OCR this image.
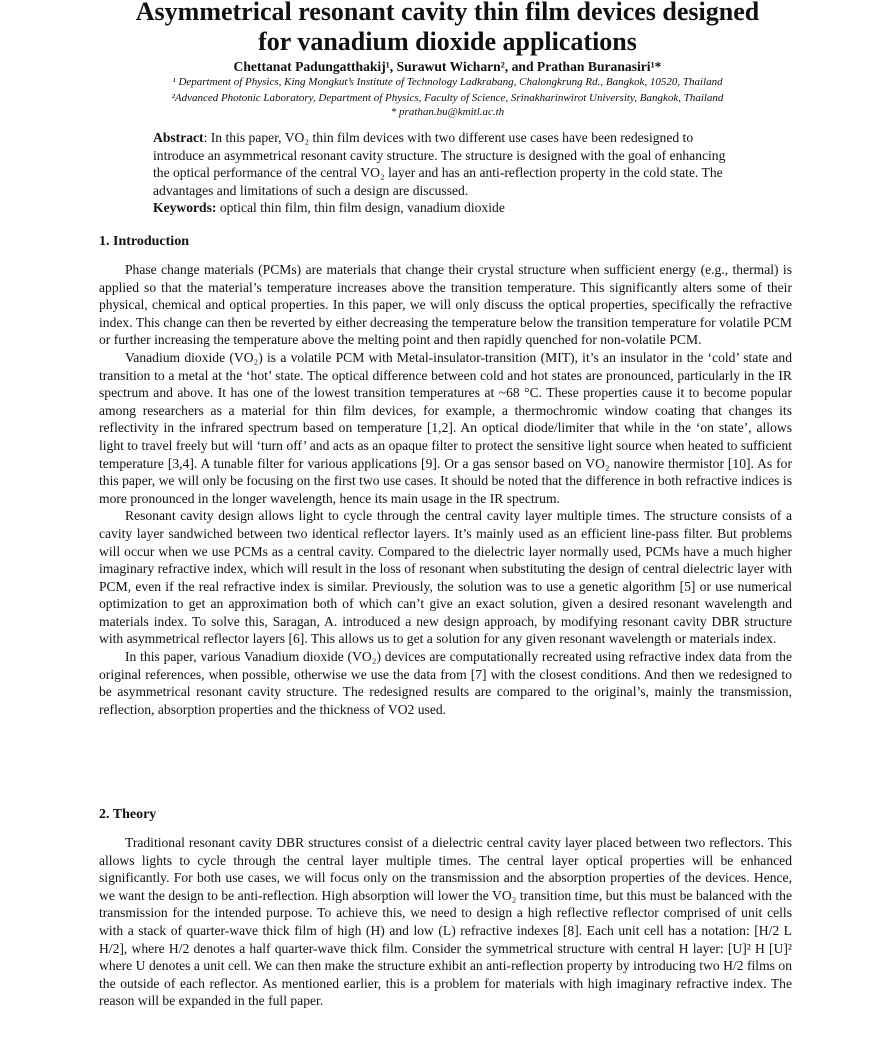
Asymmetrical resonant cavity thin film devices designed
for vanadium dioxide applications

Chettanat Padungatthakij¹, Surawut Wicharn², and Prathan Buranasiri¹*

¹ Department of Physics, King Mongkut’s Institute of Technology Ladkrabang, Chalongkrung Rd., Bangkok, 10520, Thailand

²Advanced Photonic Laboratory, Department of Physics, Faculty of Science, Srinakharinwirot University, Bangkok, Thailand

* prathan.bu@kmitl.ac.th

Abstract: In this paper, VO₂ thin film devices with two different use cases have been redesigned to introduce an asymmetrical resonant cavity structure. The structure is designed with the goal of enhancing the optical performance of the central VO₂ layer and has an anti-reflection property in the cold state. The advantages and limitations of such a design are discussed.
Keywords: optical thin film, thin film design, vanadium dioxide
1. Introduction

Phase change materials (PCMs) are materials that change their crystal structure when sufficient energy (e.g., thermal) is applied so that the material’s temperature increases above the transition temperature. This significantly alters some of their physical, chemical and optical properties. In this paper, we will only discuss the optical properties, specifically the refractive index. This change can then be reverted by either decreasing the temperature below the transition temperature for volatile PCM or further increasing the temperature above the melting point and then rapidly quenched for non-volatile PCM.

Vanadium dioxide (VO₂) is a volatile PCM with Metal-insulator-transition (MIT), it’s an insulator in the ‘cold’ state and transition to a metal at the ‘hot’ state. The optical difference between cold and hot states are pronounced, particularly in the IR spectrum and above. It has one of the lowest transition temperatures at ~68 °C. These properties cause it to become popular among researchers as a material for thin film devices, for example, a thermochromic window coating that changes its reflectivity in the infrared spectrum based on temperature [1,2]. An optical diode/limiter that while in the ‘on state’, allows light to travel freely but will ‘turn off’ and acts as an opaque filter to protect the sensitive light source when heated to sufficient temperature [3,4]. A tunable filter for various applications [9]. Or a gas sensor based on VO₂ nanowire thermistor [10]. As for this paper, we will only be focusing on the first two use cases. It should be noted that the difference in both refractive indices is more pronounced in the longer wavelength, hence its main usage in the IR spectrum.

Resonant cavity design allows light to cycle through the central cavity layer multiple times. The structure consists of a cavity layer sandwiched between two identical reflector layers. It’s mainly used as an efficient line-pass filter. But problems will occur when we use PCMs as a central cavity. Compared to the dielectric layer normally used, PCMs have a much higher imaginary refractive index, which will result in the loss of resonant when substituting the design of central dielectric layer with PCM, even if the real refractive index is similar. Previously, the solution was to use a genetic algorithm [5] or use numerical optimization to get an approximation both of which can’t give an exact solution, given a desired resonant wavelength and materials index. To solve this, Saragan, A. introduced a new design approach, by modifying resonant cavity DBR structure with asymmetrical reflector layers [6]. This allows us to get a solution for any given resonant wavelength or materials index.

In this paper, various Vanadium dioxide (VO₂) devices are computationally recreated using refractive index data from the original references, when possible, otherwise we use the data from [7] with the closest conditions. And then we redesigned to be asymmetrical resonant cavity structure. The redesigned results are compared to the original’s, mainly the transmission, reflection, absorption properties and the thickness of VO2 used.

2. Theory

Traditional resonant cavity DBR structures consist of a dielectric central cavity layer placed between two reflectors. This allows lights to cycle through the central layer multiple times. The central layer optical properties will be enhanced significantly. For both use cases, we will focus only on the transmission and the absorption properties of the devices. Hence, we want the design to be anti-reflection. High absorption will lower the VO₂ transition time, but this must be balanced with the transmission for the intended purpose. To achieve this, we need to design a high reflective reflector comprised of unit cells with a stack of quarter-wave thick film of high (H) and low (L) refractive indexes [8]. Each unit cell has a notation: [H/2 L H/2], where H/2 denotes a half quarter-wave thick film. Consider the symmetrical structure with central H layer: [U]² H [U]² where U denotes a unit cell. We can then make the structure exhibit an anti-reflection property by introducing two H/2 films on the outside of each reflector. As mentioned earlier, this is a problem for materials with high imaginary refractive index. The reason will be expanded in the full paper.
